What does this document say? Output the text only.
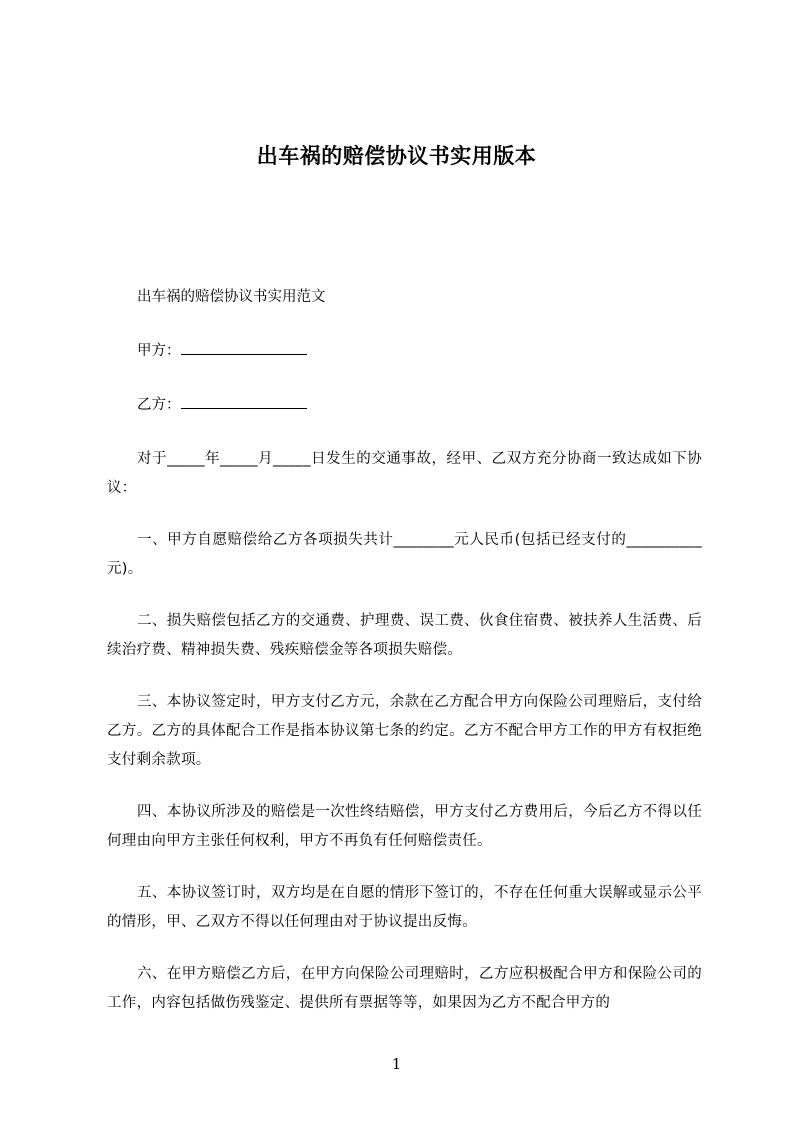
出车祸的赔偿协议书实用版本

出车祸的赔偿协议书实用范文

甲方：

乙方：

对于_____年_____月_____日发生的交通事故，经甲、乙双方充分协商一致达成如下协议：

一、甲方自愿赔偿给乙方各项损失共计________元人民币(包括已经支付的__________元)。

二、损失赔偿包括乙方的交通费、护理费、误工费、伙食住宿费、被扶养人生活费、后续治疗费、精神损失费、残疾赔偿金等各项损失赔偿。

三、本协议签定时，甲方支付乙方元，余款在乙方配合甲方向保险公司理赔后，支付给乙方。乙方的具体配合工作是指本协议第七条的约定。乙方不配合甲方工作的甲方有权拒绝支付剩余款项。

四、本协议所涉及的赔偿是一次性终结赔偿，甲方支付乙方费用后，今后乙方不得以任何理由向甲方主张任何权利，甲方不再负有任何赔偿责任。

五、本协议签订时，双方均是在自愿的情形下签订的，不存在任何重大误解或显示公平的情形，甲、乙双方不得以任何理由对于协议提出反悔。

六、在甲方赔偿乙方后，在甲方向保险公司理赔时，乙方应积极配合甲方和保险公司的工作，内容包括做伤残鉴定、提供所有票据等等，如果因为乙方不配合甲方的

1
